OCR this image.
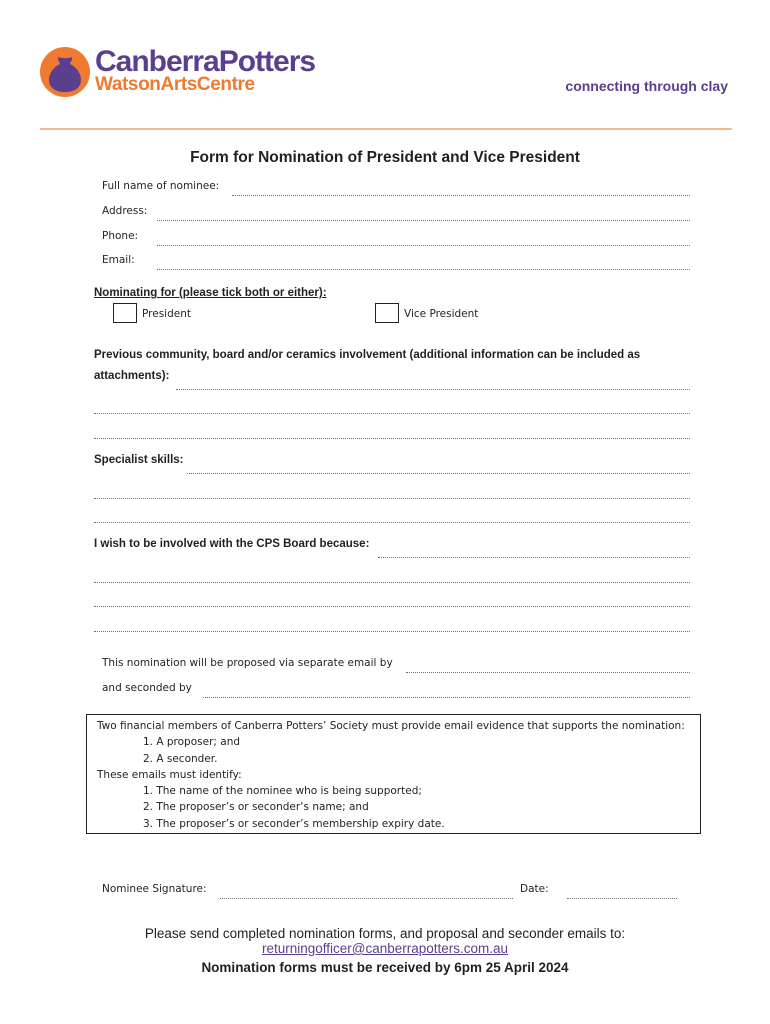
CanberraPotters
WatsonArtsCentre	connecting through clay
Form for Nomination of President and Vice President
Full name of nominee:
Address:
Phone:
Email:
Nominating for (please tick both or either):
President	Vice President
Previous community, board and/or ceramics involvement (additional information can be included as
attachments):
Specialist skills:
I wish to be involved with the CPS Board because:
This nomination will be proposed via separate email by
and seconded by
Two financial members of Canberra Potters’ Society must provide email evidence that supports the nomination:
1. A proposer; and
2. A seconder.
These emails must identify:
1. The name of the nominee who is being supported;
2. The proposer’s or seconder’s name; and
3. The proposer’s or seconder’s membership expiry date.
Nominee Signature:	Date:
Please send completed nomination forms, and proposal and seconder emails to:
returningofficer@canberrapotters.com.au
Nomination forms must be received by 6pm 25 April 2024
